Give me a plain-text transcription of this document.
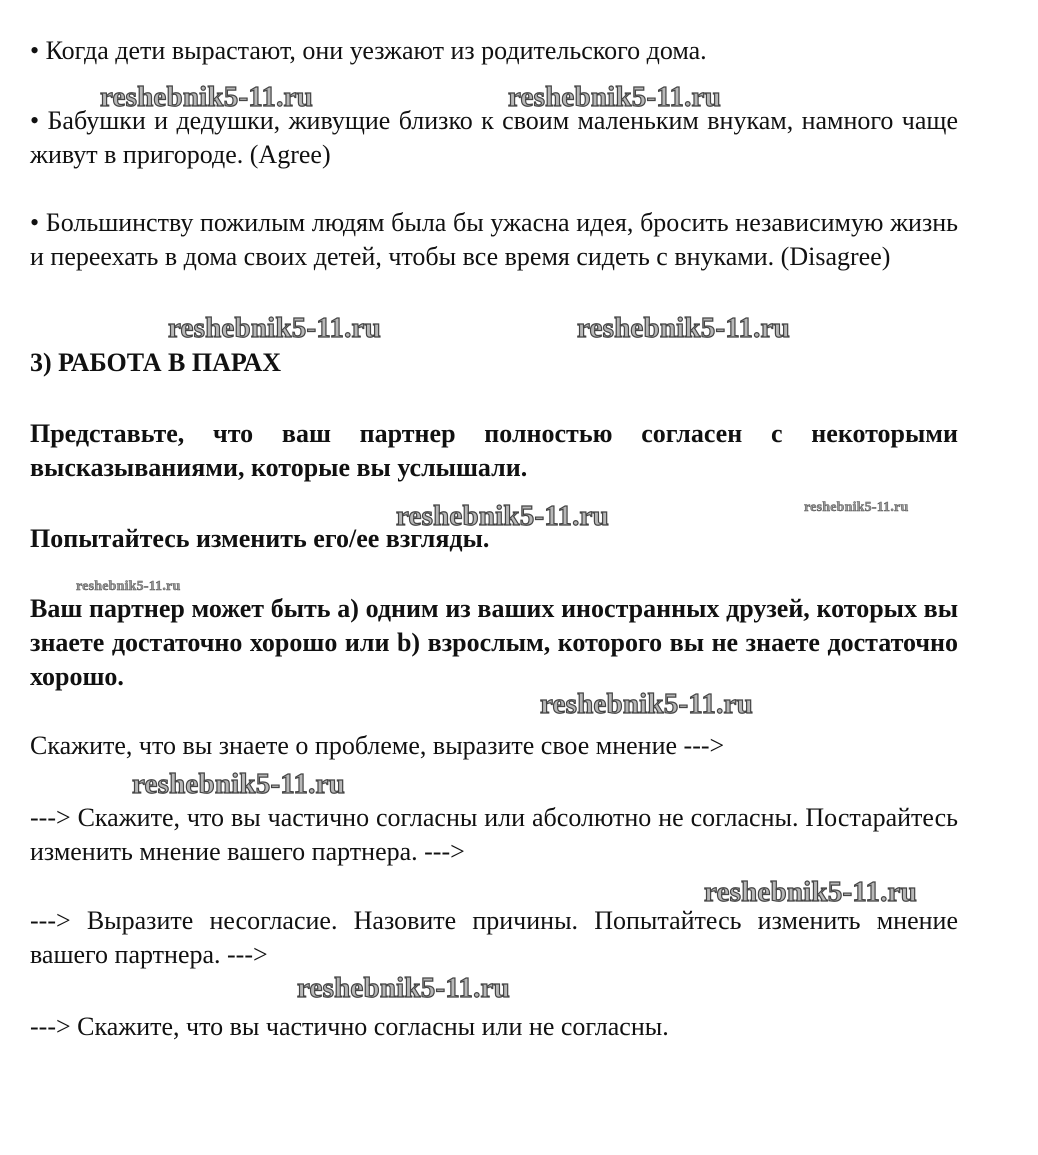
• Когда дети вырастают, они уезжают из родительского дома.

reshebnik5-11.ru	reshebnik5-11.ru

• Бабушки и дедушки, живущие близко к своим маленьким внукам, намного чаще живут в пригороде. (Agree)

• Большинству пожилым людям была бы ужасна идея, бросить независимую жизнь и переехать в дома своих детей, чтобы все время сидеть с внуками. (Disagree)

reshebnik5-11.ru	reshebnik5-11.ru

3) РАБОТА В ПАРАХ

Представьте, что ваш партнер полностью согласен с некоторыми высказываниями, которые вы услышали.

reshebnik5-11.ru	reshebnik5-11.ru

Попытайтесь изменить его/ее взгляды.

reshebnik5-11.ru

Ваш партнер может быть a) одним из ваших иностранных друзей, которых вы знаете достаточно хорошо или b) взрослым, которого вы не знаете достаточно хорошо.

reshebnik5-11.ru

Скажите, что вы знаете о проблеме, выразите свое мнение --->

reshebnik5-11.ru

---> Скажите, что вы частично согласны или абсолютно не согласны. Постарайтесь изменить мнение вашего партнера. --->

reshebnik5-11.ru

---> Выразите несогласие. Назовите причины. Попытайтесь изменить мнение вашего партнера. --->

reshebnik5-11.ru

---> Скажите, что вы частично согласны или не согласны.
